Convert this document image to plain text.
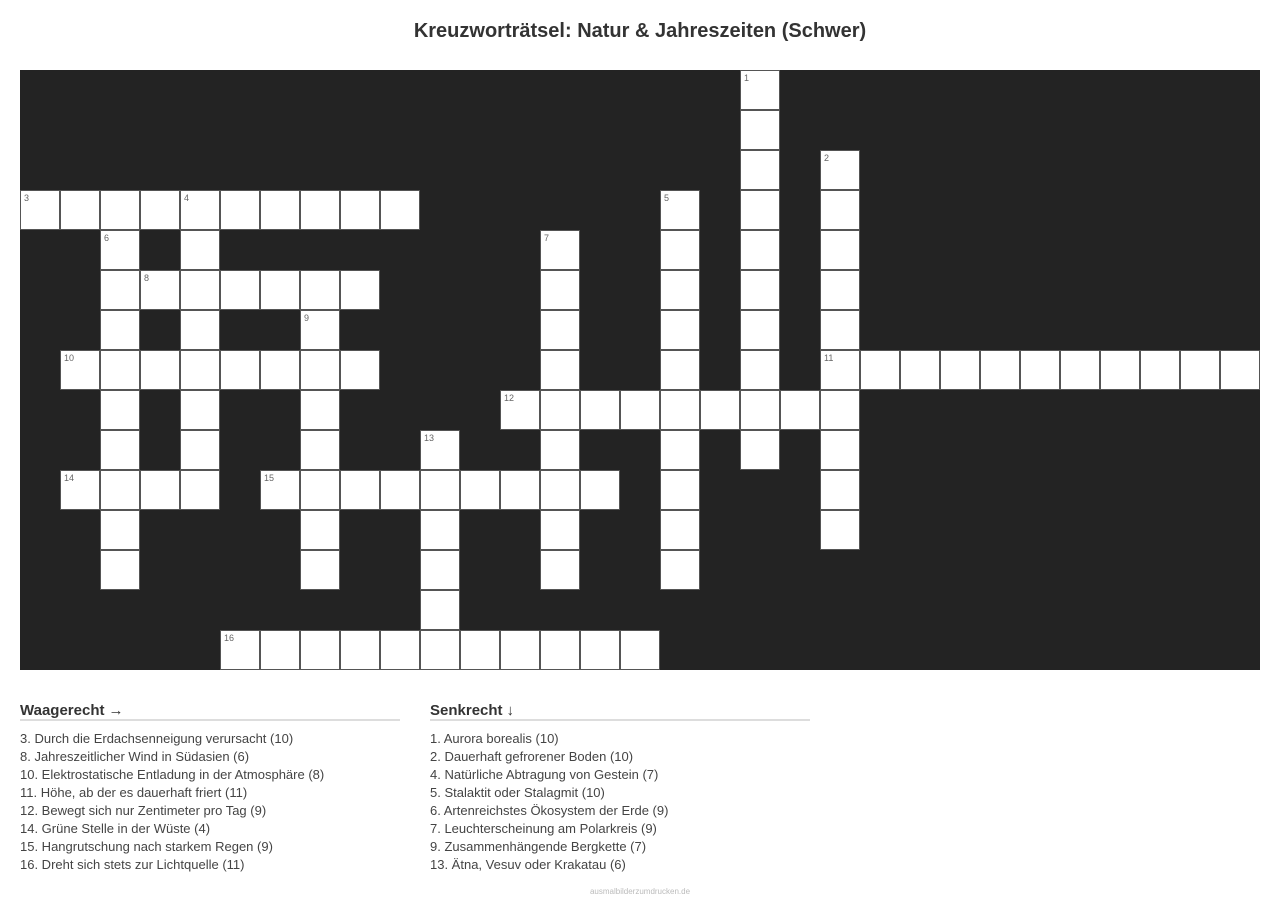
Kreuzworträtsel: Natur & Jahreszeiten (Schwer)
1
2
11
3	4	5
6	7
8
9
10
12
13
14	15
16
Waagerecht →
3. Durch die Erdachsenneigung verursacht (10)
8. Jahreszeitlicher Wind in Südasien (6)
10. Elektrostatische Entladung in der Atmosphäre (8)
11. Höhe, ab der es dauerhaft friert (11)
12. Bewegt sich nur Zentimeter pro Tag (9)
14. Grüne Stelle in der Wüste (4)
15. Hangrutschung nach starkem Regen (9)
16. Dreht sich stets zur Lichtquelle (11)
Senkrecht ↓
1. Aurora borealis (10)
2. Dauerhaft gefrorener Boden (10)
4. Natürliche Abtragung von Gestein (7)
5. Stalaktit oder Stalagmit (10)
6. Artenreichstes Ökosystem der Erde (9)
7. Leuchterscheinung am Polarkreis (9)
9. Zusammenhängende Bergkette (7)
13. Ätna, Vesuv oder Krakatau (6)
ausmalbilderzumdrucken.de
